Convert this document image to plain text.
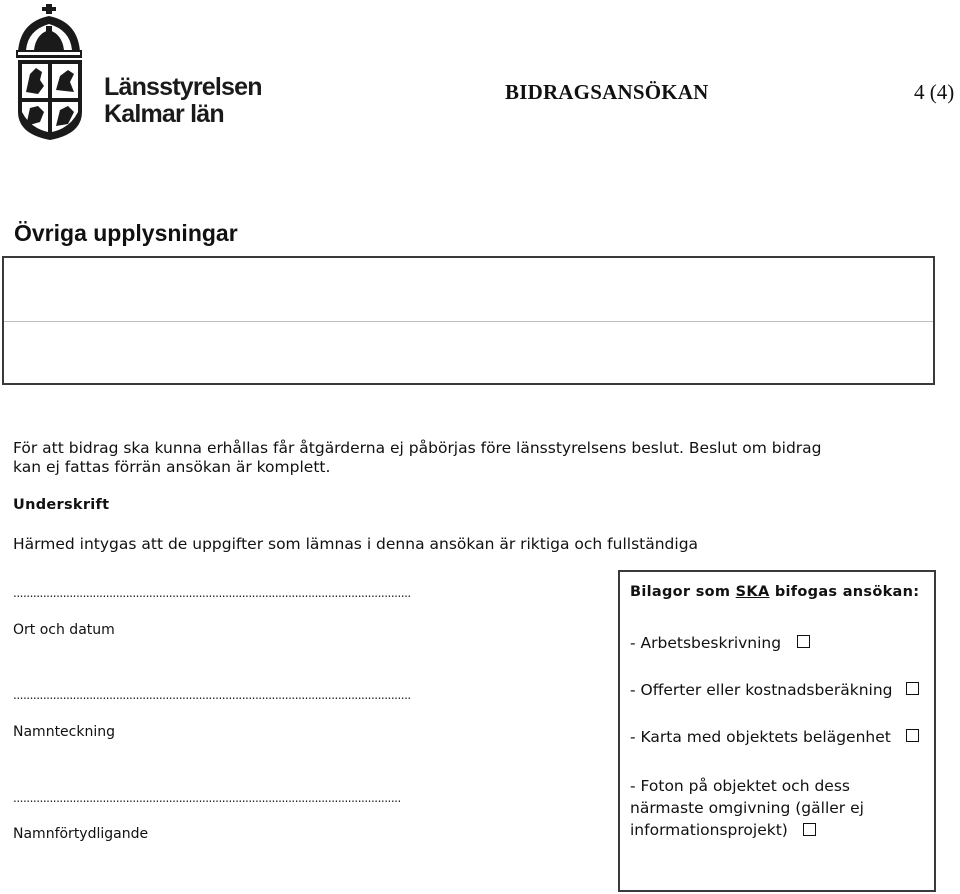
Länsstyrelsen
Kalmar län
BIDRAGSANSÖKAN	4 (4)
Övriga upplysningar
För att bidrag ska kunna erhållas får åtgärderna ej påbörjas före länsstyrelsens beslut. Beslut om bidrag
kan ej fattas förrän ansökan är komplett.
Underskrift
Härmed intygas att de uppgifter som lämnas i denna ansökan är riktiga och fullständiga
........................................................................................................................
Ort och datum
........................................................................................................................
Namnteckning
.....................................................................................................................
Namnförtydligande
Bilagor som SKA bifogas ansökan:
- Arbetsbeskrivning
- Offerter eller kostnadsberäkning
- Karta med objektets belägenhet
- Foton på objektet och dess
närmaste omgivning (gäller ej
informationsprojekt)
